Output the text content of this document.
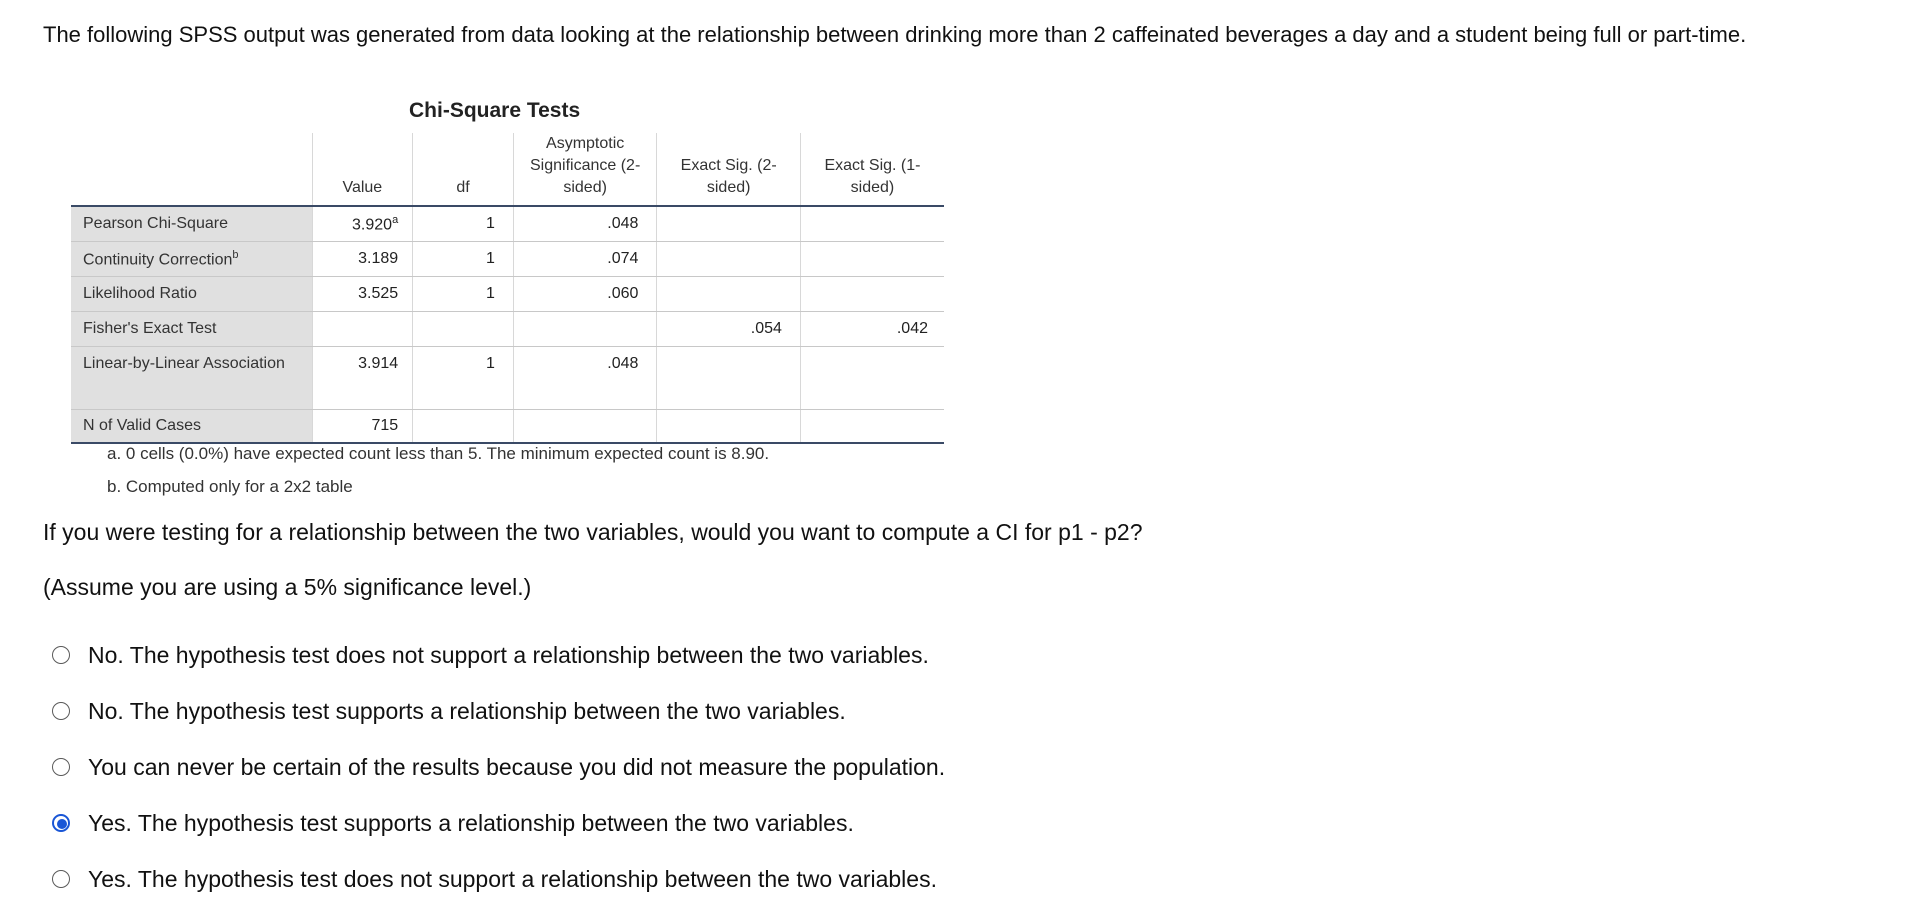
The following SPSS output was generated from data looking at the relationship between drinking more than 2 caffeinated beverages a day and a student being full or part-time.
Chi-Square Tests
	Value	df	Asymptotic Significance (2-sided)	Exact Sig. (2-sided)	Exact Sig. (1-sided)
Pearson Chi-Square	3.920$^a$	1	.048		
Continuity Correction$^b$	3.189	1	.074		
Likelihood Ratio	3.525	1	.060		
Fisher's Exact Test				.054	.042
Linear-by-Linear Association	3.914	1	.048		
N of Valid Cases	715				
a. 0 cells (0.0%) have expected count less than 5. The minimum expected count is 8.90.
b. Computed only for a 2x2 table
If you were testing for a relationship between the two variables, would you want to compute a CI for p1 - p2?
(Assume you are using a 5% significance level.)
No. The hypothesis test does not support a relationship between the two variables.
No. The hypothesis test supports a relationship between the two variables.
You can never be certain of the results because you did not measure the population.
Yes. The hypothesis test supports a relationship between the two variables.
Yes. The hypothesis test does not support a relationship between the two variables.
